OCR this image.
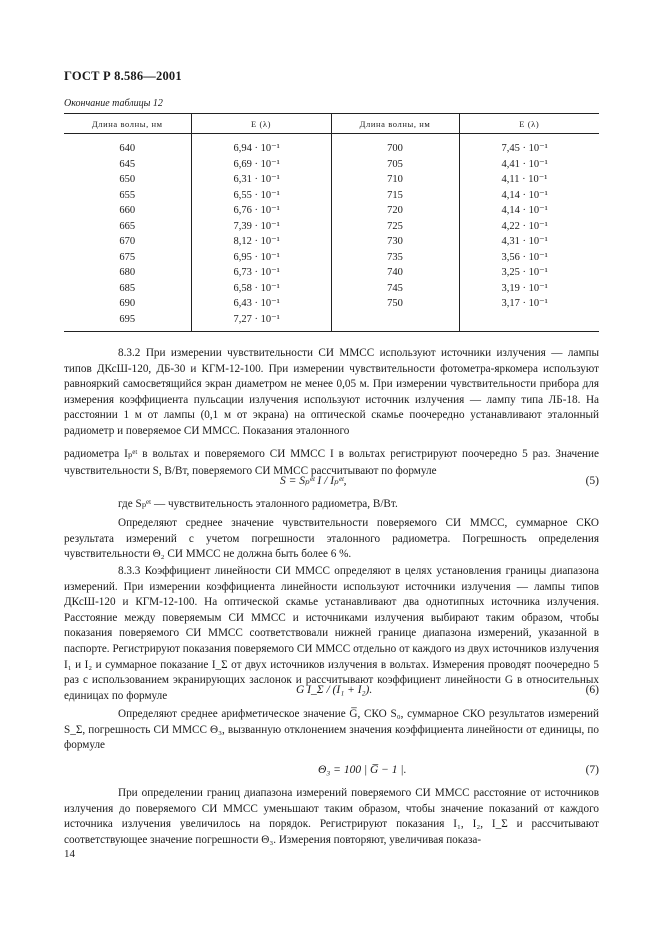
ГОСТ Р 8.586—2001
Окончание таблицы 12
Длина волны, нм	E (λ)	Длина волны, нм	E (λ)
640	6,94 · 10⁻¹	700	7,45 · 10⁻¹
645	6,69 · 10⁻¹	705	4,41 · 10⁻¹
650	6,31 · 10⁻¹	710	4,11 · 10⁻¹
655	6,55 · 10⁻¹	715	4,14 · 10⁻¹
660	6,76 · 10⁻¹	720	4,14 · 10⁻¹
665	7,39 · 10⁻¹	725	4,22 · 10⁻¹
670	8,12 · 10⁻¹	730	4,31 · 10⁻¹
675	6,95 · 10⁻¹	735	3,56 · 10⁻¹
680	6,73 · 10⁻¹	740	3,25 · 10⁻¹
685	6,58 · 10⁻¹	745	3,19 · 10⁻¹
690	6,43 · 10⁻¹	750	3,17 · 10⁻¹
695	7,27 · 10⁻¹		

8.3.2 При измерении чувствительности СИ ММСС используют источники излучения — лампы типов ДКсШ-120, ДБ-30 и КГМ-12-100. При измерении чувствительности фотометра-яркомера используют равнояркий самосветящийся экран диаметром не менее 0,05 м. При измерении чувствительности прибора для измерения коэффициента пульсации излучения используют источник излучения — лампу типа ЛБ-18. На расстоянии 1 м от лампы (0,1 м от экрана) на оптической скамье поочередно устанавливают эталонный радиометр и поверяемое СИ ММСС. Показания эталонного

радиометра Iₚᵉᵗ в вольтах и поверяемого СИ ММСС I в вольтах регистрируют поочередно 5 раз. Значение чувствительности S, В/Вт, поверяемого СИ ММСС рассчитывают по формуле

S = Sₚᵉᵗ I / Iₚᵉᵗ,	(5)

где Sₚᵉᵗ — чувствительность эталонного радиометра, В/Вт.

Определяют среднее значение чувствительности поверяемого СИ ММСС, суммарное СКО результата измерений с учетом погрешности эталонного радиометра. Погрешность определения чувствительности Θ₂ СИ ММСС не должна быть более 6 %.

8.3.3 Коэффициент линейности СИ ММСС определяют в целях установления границы диапазона измерений. При измерении коэффициента линейности используют источники излучения — лампы типов ДКсШ-120 и КГМ-12-100. На оптической скамье устанавливают два однотипных источника излучения. Расстояние между поверяемым СИ ММСС и источниками излучения выбирают таким образом, чтобы показания поверяемого СИ ММСС соответствовали нижней границе диапазона измерений, указанной в паспорте. Регистрируют показания поверяемого СИ ММСС отдельно от каждого из двух источников излучения I₁ и I₂ и суммарное показание I_Σ от двух источников излучения в вольтах. Измерения проводят поочередно 5 раз с использованием экранирующих заслонок и рассчитывают коэффициент линейности G в относительных единицах по формуле	G I_Σ / (I₁ + I₂).	(6)

Определяют среднее арифметическое значение G̅, СКО S₀, суммарное СКО результатов измерений S_Σ, погрешность СИ ММСС Θ₃, вызванную отклонением значения коэффициента линейности от единицы, по формуле

Θ₃ = 100 | G̅ − 1 |.	(7)

При определении границ диапазона измерений поверяемого СИ ММСС расстояние от источников излучения до поверяемого СИ ММСС уменьшают таким образом, чтобы значение показаний от каждого источника излучения увеличилось на порядок. Регистрируют показания I₁, I₂, I_Σ и рассчитывают соответствующее значение погрешности Θ₃. Измерения повторяют, увеличивая показа-

14
